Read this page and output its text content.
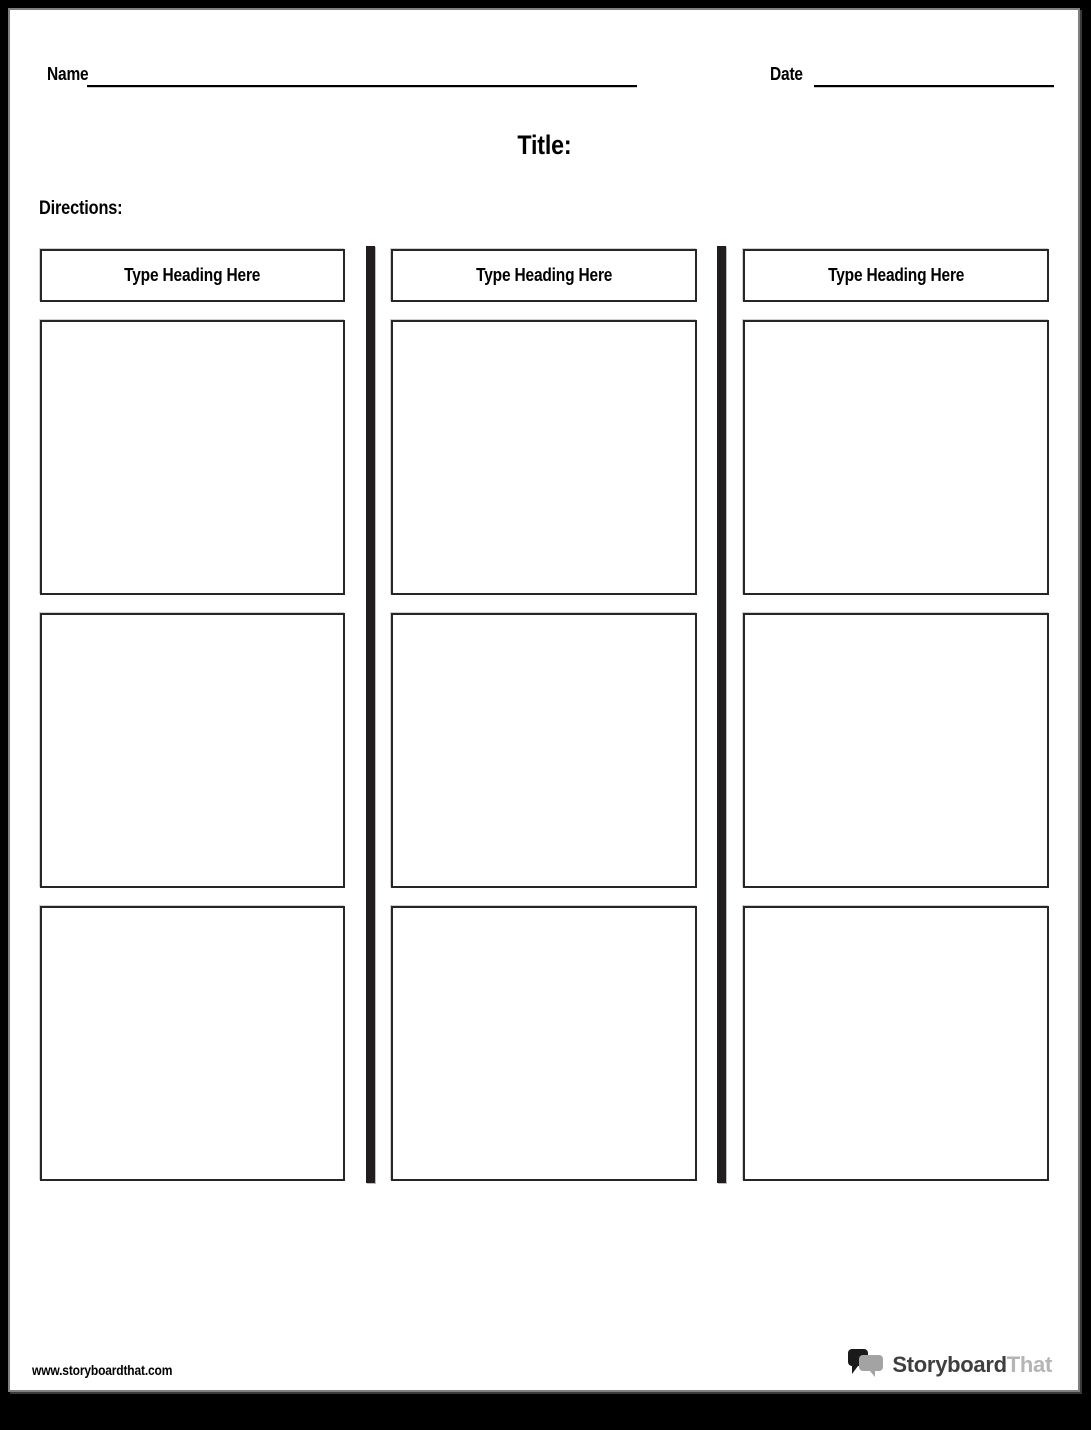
Name	Date
Title:
Directions:
Type Heading Here	Type Heading Here	Type Heading Here
www.storyboardthat.com	StoryboardThat
